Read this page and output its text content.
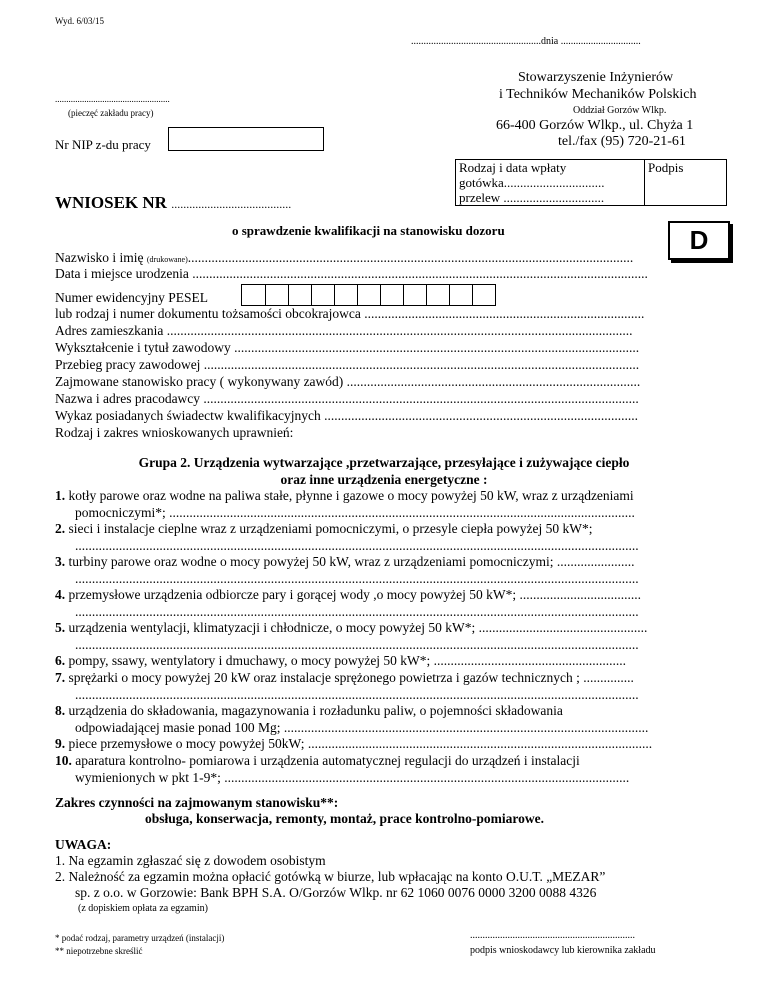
Wyd. 6/03/15
....................................................dnia ................................
...................................................
(pieczęć zakładu pracy)
Nr NIP z-du pracy
Stowarzyszenie Inżynierów
i Techników Mechaników Polskich
Oddział Gorzów Wlkp.
66-400 Gorzów Wlkp., ul. Chyża 1
tel./fax (95) 720-21-61
Rodzaj i data wpłaty
gotówka...............................
przelew ...............................

Podpis
WNIOSEK NR ........................................
o sprawdzenie kwalifikacji na stanowisku dozoru	D
Nazwisko i imię (drukowane)....................................................................................................................................
Data i miejsce urodzenia .......................................................................................................................................
Numer ewidencyjny PESEL
lub rodzaj i numer dokumentu tożsamości obcokrajowca ...................................................................................
Adres zamieszkania ..........................................................................................................................................
Wykształcenie i tytuł zawodowy ........................................................................................................................
Przebieg pracy zawodowej .................................................................................................................................
Zajmowane stanowisko pracy ( wykonywany zawód) .......................................................................................
Nazwa i adres pracodawcy .................................................................................................................................
Wykaz posiadanych świadectw kwalifikacyjnych .............................................................................................
Rodzaj i zakres wnioskowanych uprawnień:
Grupa 2. Urządzenia wytwarzające ,przetwarzające, przesyłające i zużywające ciepło
oraz inne urządzenia energetyczne :
1. kotły parowe oraz wodne na paliwa stałe, płynne i gazowe o mocy powyżej 50 kW, wraz z urządzeniami
pomocniczymi*; ..........................................................................................................................................
2. sieci i instalacje cieplne wraz z urządzeniami pomocniczymi, o przesyle ciepła powyżej 50 kW*;
.......................................................................................................................................................................
3. turbiny parowe oraz wodne o mocy powyżej 50 kW, wraz z urządzeniami pomocniczymi; .......................
.......................................................................................................................................................................
4. przemysłowe urządzenia odbiorcze pary i gorącej wody ,o mocy powyżej 50 kW*; ....................................
.......................................................................................................................................................................
5. urządzenia wentylacji, klimatyzacji i chłodnicze, o mocy powyżej 50 kW*; ..................................................
.......................................................................................................................................................................
6. pompy, ssawy, wentylatory i dmuchawy, o mocy powyżej 50 kW*; .........................................................
7. sprężarki o mocy powyżej 20 kW oraz instalacje sprężonego powietrza i gazów technicznych ; ...............
.......................................................................................................................................................................
8. urządzenia do składowania, magazynowania i rozładunku paliw, o pojemności składowania
odpowiadającej masie ponad 100 Mg; ............................................................................................................
9. piece przemysłowe o mocy powyżej 50kW; ......................................................................................................
10. aparatura kontrolno- pomiarowa i urządzenia automatycznej regulacji do urządzeń i instalacji
wymienionych w pkt 1-9*; ........................................................................................................................
Zakres czynności na zajmowanym stanowisku**:
obsługa, konserwacja, remonty, montaż, prace kontrolno-pomiarowe.
UWAGA:
1. Na egzamin zgłaszać się z dowodem osobistym
2. Należność za egzamin można opłacić gotówką w biurze, lub wpłacając na konto O.U.T. „MEZAR”
sp. z o.o. w Gorzowie: Bank BPH S.A. O/Gorzów Wlkp. nr 62 1060 0076 0000 3200 0088 4326
(z dopiskiem opłata za egzamin)
* podać rodzaj, parametry urządzeń (instalacji)
** niepotrzebne skreślić
..................................................................
podpis wnioskodawcy lub kierownika zakładu
